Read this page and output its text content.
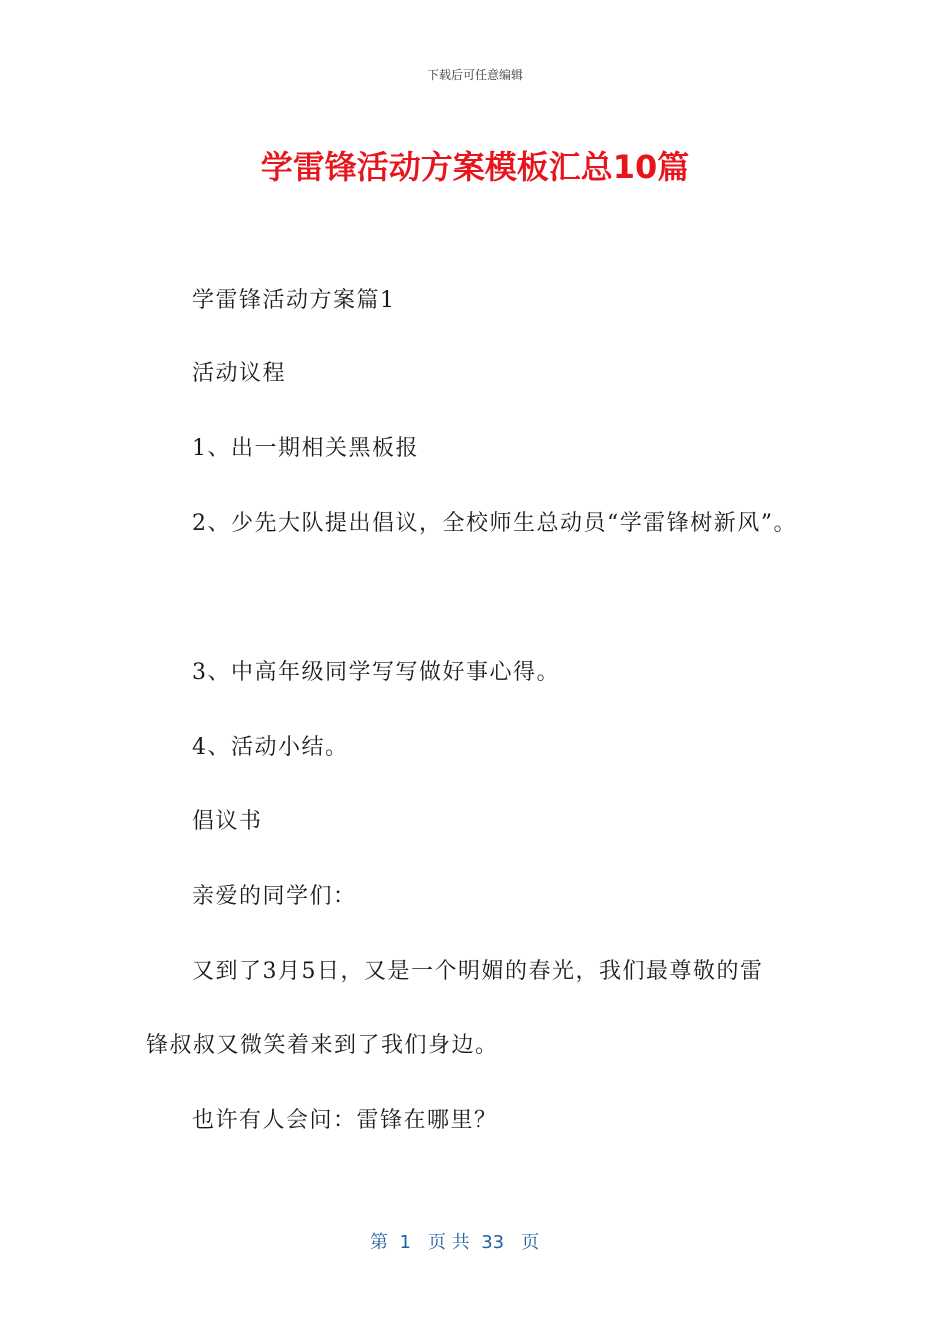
下载后可任意编辑
学雷锋活动方案模板汇总10篇
学雷锋活动方案篇1
活动议程
1、出一期相关黑板报
2、少先大队提出倡议，全校师生总动员“学雷锋树新风”。
3、中高年级同学写写做好事心得。
4、活动小结。
倡议书
亲爱的同学们：
又到了3月5日，又是一个明媚的春光，我们最尊敬的雷
锋叔叔又微笑着来到了我们身边。
也许有人会问：雷锋在哪里？
第  1   页 共  33   页
